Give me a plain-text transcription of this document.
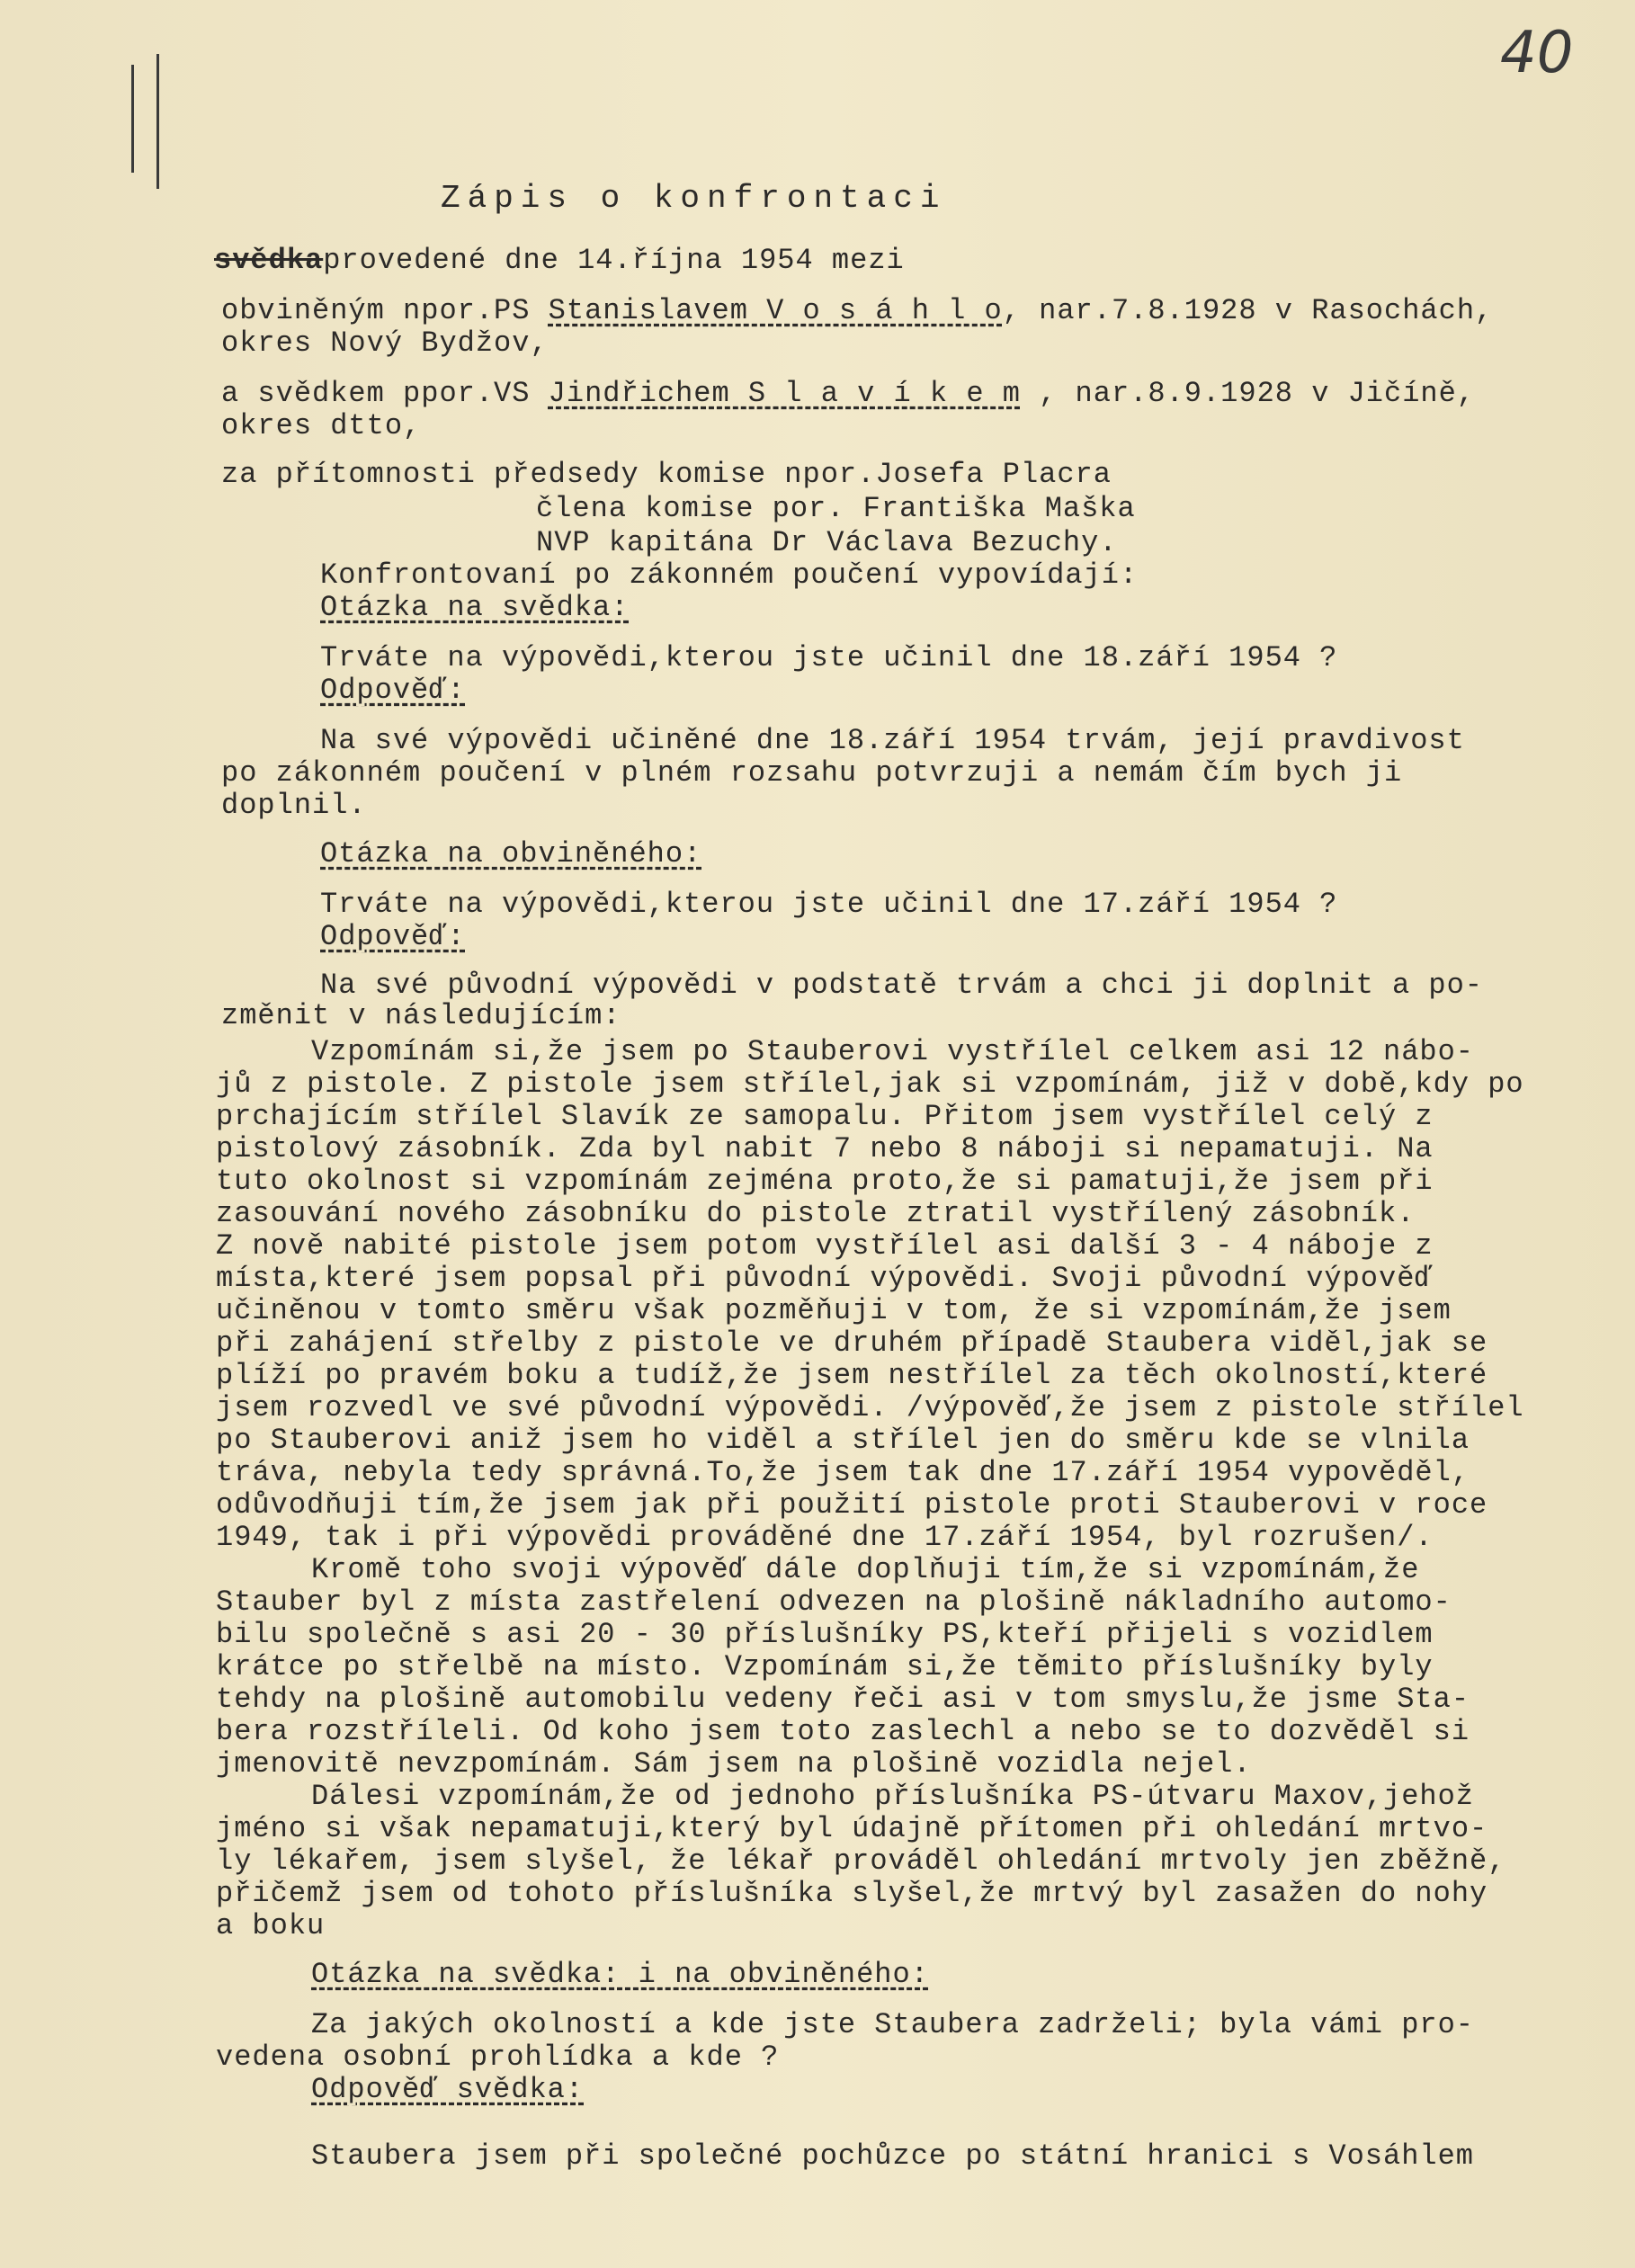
40
Zápis o konfrontaci
svědkaprovedené dne 14.října 1954 mezi
obviněným npor.PS Stanislavem V o s á h l o, nar.7.8.1928 v Rasochách,
okres Nový Bydžov,
a svědkem ppor.VS Jindřichem S l a v í k e m , nar.8.9.1928 v Jičíně,
okres dtto,
za přítomnosti předsedy komise npor.Josefa Placra
člena komise por. Františka Maška
NVP kapitána Dr Václava Bezuchy.
Konfrontovaní po zákonném poučení vypovídají:
Otázka na svědka:
Trváte na výpovědi,kterou jste učinil dne 18.září 1954 ?
Odpověď:
Na své výpovědi učiněné dne 18.září 1954 trvám, její pravdivost
po zákonném poučení v plném rozsahu potvrzuji a nemám čím bych ji
doplnil.
Otázka na obviněného:
Trváte na výpovědi,kterou jste učinil dne 17.září 1954 ?
Odpověď:
Na své původní výpovědi v podstatě trvám a chci ji doplnit a po-
změnit v následujícím:
Vzpomínám si,že jsem po Stauberovi vystřílel celkem asi 12 nábo-
jů z pistole. Z pistole jsem střílel,jak si vzpomínám, již v době,kdy po
prchajícím střílel Slavík ze samopalu. Přitom jsem vystřílel celý z
pistolový zásobník. Zda byl nabit 7 nebo 8 náboji si nepamatuji. Na
tuto okolnost si vzpomínám zejména proto,že si pamatuji,že jsem při
zasouvání nového zásobníku do pistole ztratil vystřílený zásobník.
Z nově nabité pistole jsem potom vystřílel asi další 3 - 4 náboje z
místa,které jsem popsal při původní výpovědi. Svoji původní výpověď
učiněnou v tomto směru však pozměňuji v tom, že si vzpomínám,že jsem
při zahájení střelby z pistole ve druhém případě Staubera viděl,jak se
plíží po pravém boku a tudíž,že jsem nestřílel za těch okolností,které
jsem rozvedl ve své původní výpovědi. /výpověď,že jsem z pistole střílel
po Stauberovi aniž jsem ho viděl a střílel jen do směru kde se vlnila
tráva, nebyla tedy správná.To,že jsem tak dne 17.září 1954 vypověděl,
odůvodňuji tím,že jsem jak při použití pistole proti Stauberovi v roce
1949, tak i při výpovědi prováděné dne 17.září 1954, byl rozrušen/.
Kromě toho svoji výpověď dále doplňuji tím,že si vzpomínám,že
Stauber byl z místa zastřelení odvezen na plošině nákladního automo-
bilu společně s asi 20 - 30 příslušníky PS,kteří přijeli s vozidlem
krátce po střelbě na místo. Vzpomínám si,že těmito příslušníky byly
tehdy na plošině automobilu vedeny řeči asi v tom smyslu,že jsme Sta-
bera rozstříleli. Od koho jsem toto zaslechl a nebo se to dozvěděl si
jmenovitě nevzpomínám. Sám jsem na plošině vozidla nejel.
Dálesi vzpomínám,že od jednoho příslušníka PS-útvaru Maxov,jehož
jméno si však nepamatuji,který byl údajně přítomen při ohledání mrtvo-
ly lékařem, jsem slyšel, že lékař prováděl ohledání mrtvoly jen zběžně,
přičemž jsem od tohoto příslušníka slyšel,že mrtvý byl zasažen do nohy
a boku
Otázka na svědka: i na obviněného:
Za jakých okolností a kde jste Staubera zadrželi; byla vámi pro-
vedena osobní prohlídka a kde ?
Odpověď svědka:
Staubera jsem při společné pochůzce po státní hranici s Vosáhlem
